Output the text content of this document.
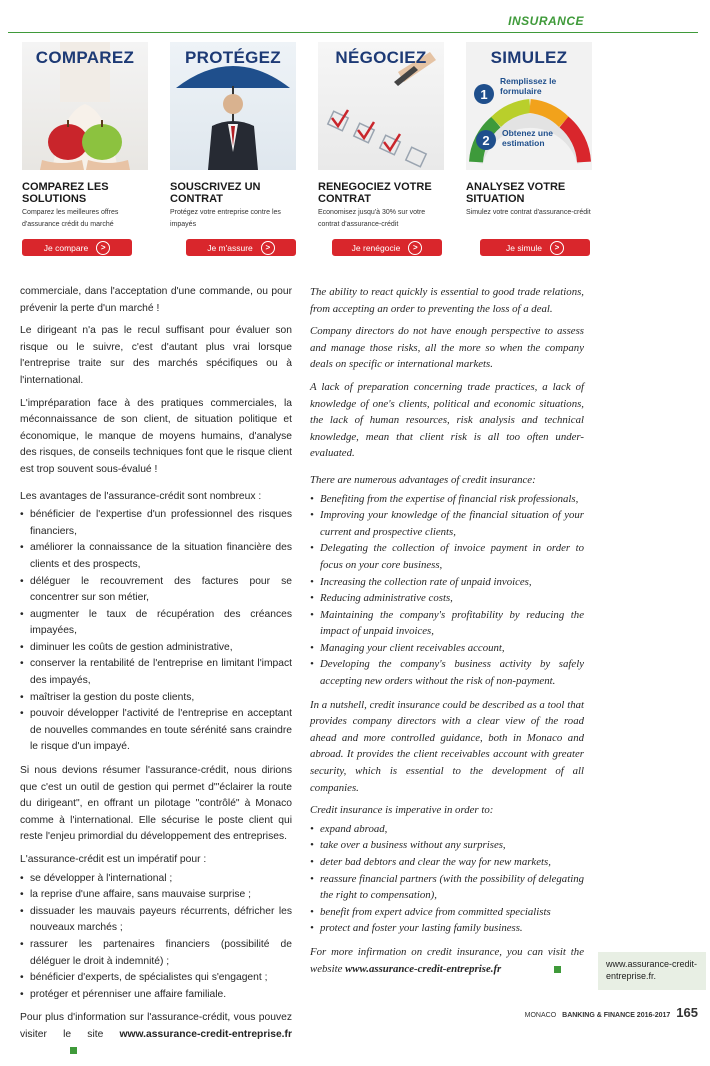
INSURANCE
COMPAREZ
COMPAREZ LES SOLUTIONS

Comparez les meilleures offres d'assurance crédit du marché

Je compare	>
PROTÉGEZ
SOUSCRIVEZ UN CONTRAT

Protégez votre entreprise contre les impayés

Je m'assure	>
NÉGOCIEZ
RENEGOCIEZ VOTRE CONTRAT

Economisez jusqu'à 30% sur votre contrat d'assurance-crédit

Je renégocie	>
1
2
SIMULEZ
Remplissez le formulaire
Obtenez une estimation
ANALYSEZ VOTRE SITUATION

Simulez votre contrat d'assurance-crédit

Je simule	>

commerciale, dans l'acceptation d'une commande, ou pour prévenir la perte d'un marché !

Le dirigeant n'a pas le recul suffisant pour évaluer son risque ou le suivre, c'est d'autant plus vrai lorsque l'entreprise traite sur des marchés spécifiques ou à l'international.

L'impréparation face à des pratiques commerciales, la méconnaissance de son client, de situation politique et économique, le manque de moyens humains, d'analyse des risques, de conseils techniques font que le risque client est trop souvent sous-évalué !

Les avantages de l'assurance-crédit sont nombreux :

• bénéficier de l'expertise d'un professionnel des risques financiers,
• améliorer la connaissance de la situation financière des clients et des prospects,
• déléguer le recouvrement des factures pour se concentrer sur son métier,
• augmenter le taux de récupération des créances impayées,
• diminuer les coûts de gestion administrative,
• conserver la rentabilité de l'entreprise en limitant l'impact des impayés,
• maîtriser la gestion du poste clients,
• pouvoir développer l'activité de l'entreprise en acceptant de nouvelles commandes en toute sérénité sans craindre le risque d'un impayé.

Si nous devions résumer l'assurance-crédit, nous dirions que c'est un outil de gestion qui permet d'"éclairer la route du dirigeant", en offrant un pilotage "contrôlé" à Monaco comme à l'international. Elle sécurise le poste client qui reste l'enjeu primordial du développement des entreprises.

L'assurance-crédit est un impératif pour :

• se développer à l'international ;
• la reprise d'une affaire, sans mauvaise surprise ;
• dissuader les mauvais payeurs récurrents, défricher les nouveaux marchés ;
• rassurer les partenaires financiers (possibilité de déléguer le droit à indemnité) ;
• bénéficier d'experts, de spécialistes qui s'engagent ;
• protéger et pérenniser une affaire familiale.

Pour plus d'information sur l'assurance-crédit, vous pouvez visiter le site www.assurance-credit-entreprise.fr

The ability to react quickly is essential to good trade relations, from accepting an order to preventing the loss of a deal.

Company directors do not have enough perspective to assess and manage those risks, all the more so when the company deals on specific or international markets.

A lack of preparation concerning trade practices, a lack of knowledge of one's clients, political and economic situations, the lack of human resources, risk analysis and technical knowledge, mean that client risk is all too often under-evaluated.

There are numerous advantages of credit insurance:

• Benefiting from the expertise of financial risk professionals,
• Improving your knowledge of the financial situation of your current and prospective clients,
• Delegating the collection of invoice payment in order to focus on your core business,
• Increasing the collection rate of unpaid invoices,
• Reducing administrative costs,
• Maintaining the company's profitability by reducing the impact of unpaid invoices,
• Managing your client receivables account,
• Developing the company's business activity by safely accepting new orders without the risk of non-payment.

In a nutshell, credit insurance could be described as a tool that provides company directors with a clear view of the road ahead and more controlled guidance, both in Monaco and abroad. It provides the client receivables account with greater security, which is essential to the development of all companies.

Credit insurance is imperative in order to:

• expand abroad,
• take over a business without any surprises,
• deter bad debtors and clear the way for new markets,
• reassure financial partners (with the possibility of delegating the right to compensation),
• benefit from expert advice from committed specialists
• protect and foster your lasting family business.

For more infirmation on credit insurance, you can visit the website www.assurance-credit-entreprise.fr	www.assurance-credit-entreprise.fr.
MONACO BANKING & FINANCE 2016-2017 165
